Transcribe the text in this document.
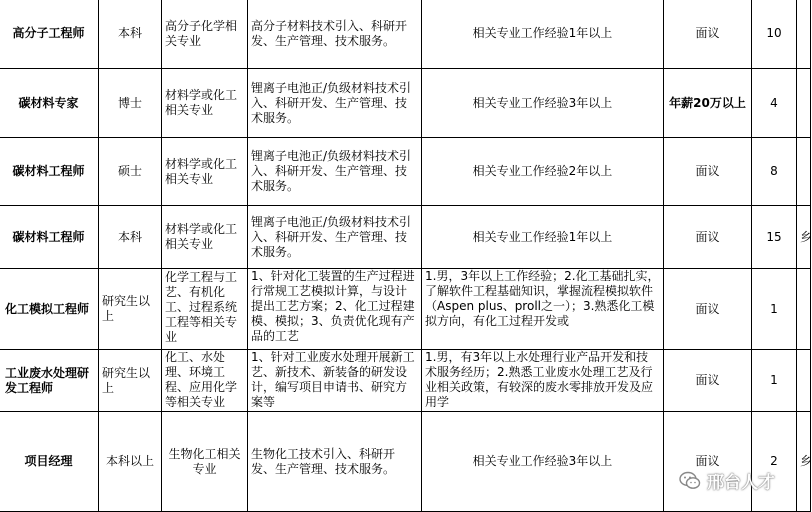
高分子工程师	本科	高分子化学相关专业	高分子材料技术引入、科研开发、生产管理、技术服务。	相关专业工作经验1年以上	面议	10	
碳材料专家	博士	材料学或化工相关专业	锂离子电池正/负级材料技术引入、科研开发、生产管理、技术服务。	相关专业工作经验3年以上	年薪20万以上	4	
碳材料工程师	硕士	材料学或化工相关专业	锂离子电池正/负级材料技术引入、科研开发、生产管理、技术服务。	相关专业工作经验2年以上	面议	8	
碳材料工程师	本科	材料学或化工相关专业	锂离子电池正/负级材料技术引入、科研开发、生产管理、技术服务。	相关专业工作经验1年以上	面议	15	乡
化工模拟工程师	研究生以上	化学工程与工艺、有机化工、过程系统工程等相关专业	1、针对化工装置的生产过程进行常规工艺模拟计算，与设计提出工艺方案；2、化工过程建模、模拟；3、负责优化现有产品的工艺	1.男，3年以上工作经验；2.化工基础扎实，了解软件工程基础知识，掌握流程模拟软件（Aspen plus、proll之一）；3.熟悉化工模拟方向，有化工过程开发或	面议	1	
工业废水处理研发工程师	研究生以上	化工、水处理、环境工程、应用化学等相关专业	1、针对工业废水处理开展新工艺、新技术、新装备的研发设计，编写项目申请书、研究方案等	1.男，有3年以上水处理行业产品开发和技术服务经历；2.熟悉工业废水处理工艺及行业相关政策，有较深的废水零排放开发及应用学	面议	1	
项目经理	本科以上	生物化工相关专业	生物化工技术引入、科研开发、生产管理、技术服务。	相关专业工作经验3年以上	面议	2	乡
邢台人才
